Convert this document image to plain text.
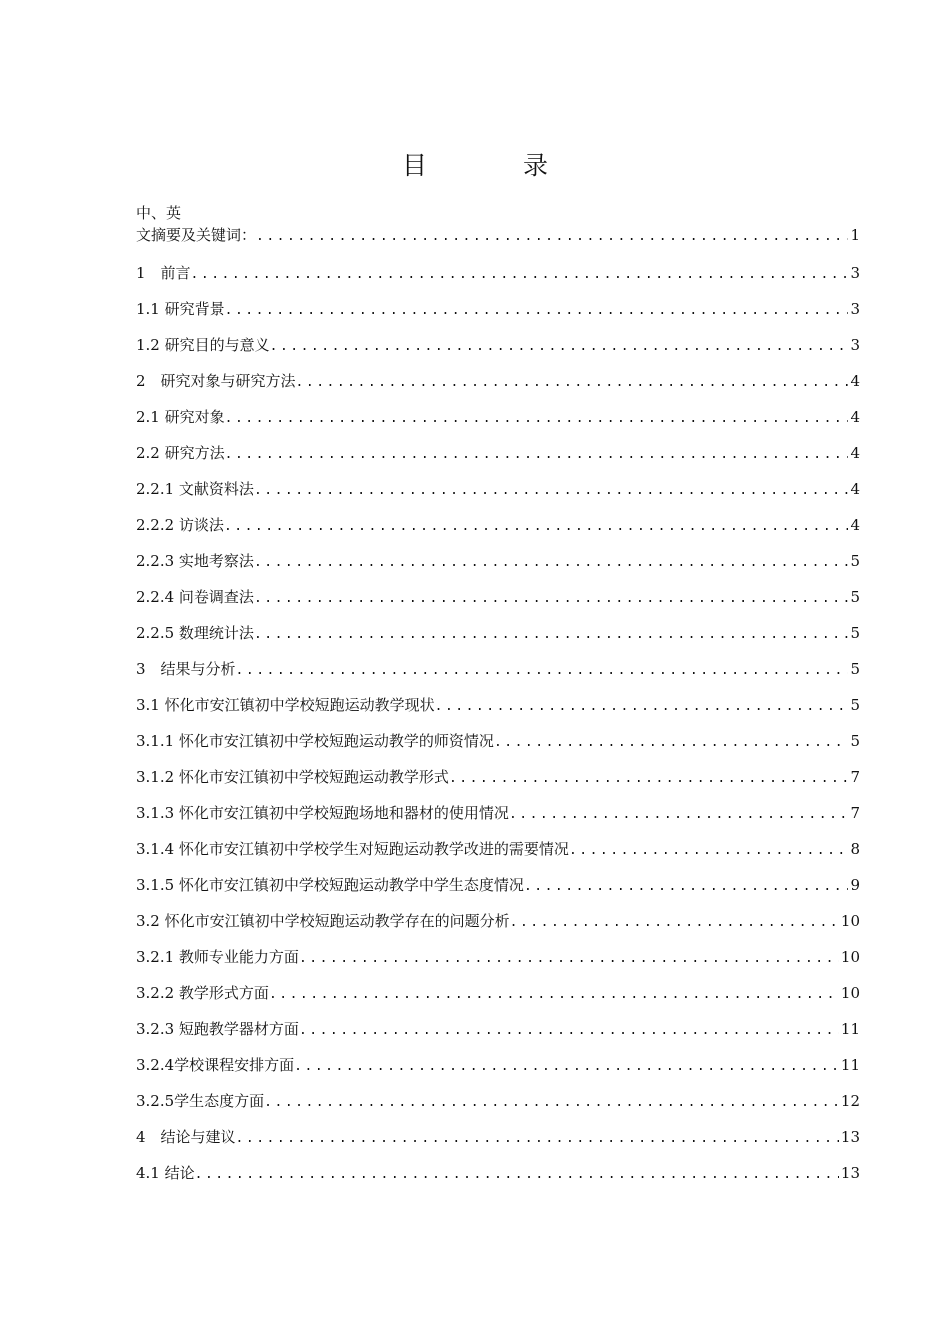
目 录
中、英
文摘要及关键词： .....	1
1　前言 .....	3
1.1 研究背景 .....	3
1.2 研究目的与意义 .....	3
2　研究对象与研究方法 .....	4
2.1 研究对象 .....	4
2.2 研究方法 .....	4
2.2.1 文献资料法 .....	4
2.2.2 访谈法 .....	4
2.2.3 实地考察法 .....	5
2.2.4 问卷调查法 .....	5
2.2.5 数理统计法 .....	5
3　结果与分析 .....	5
3.1 怀化市安江镇初中学校短跑运动教学现状 .....	5
3.1.1 怀化市安江镇初中学校短跑运动教学的师资情况 .....	5
3.1.2 怀化市安江镇初中学校短跑运动教学形式 .....	7
3.1.3 怀化市安江镇初中学校短跑场地和器材的使用情况 .....	7
3.1.4 怀化市安江镇初中学校学生对短跑运动教学改进的需要情况 .....	8
3.1.5 怀化市安江镇初中学校短跑运动教学中学生态度情况 .....	9
3.2 怀化市安江镇初中学校短跑运动教学存在的问题分析 .....	10
3.2.1 教师专业能力方面 .....	10
3.2.2 教学形式方面 .....	10
3.2.3 短跑教学器材方面 .....	11
3.2.4学校课程安排方面 .....	11
3.2.5学生态度方面 .....	12
4　结论与建议 .....	13
4.1 结论 .....	13
